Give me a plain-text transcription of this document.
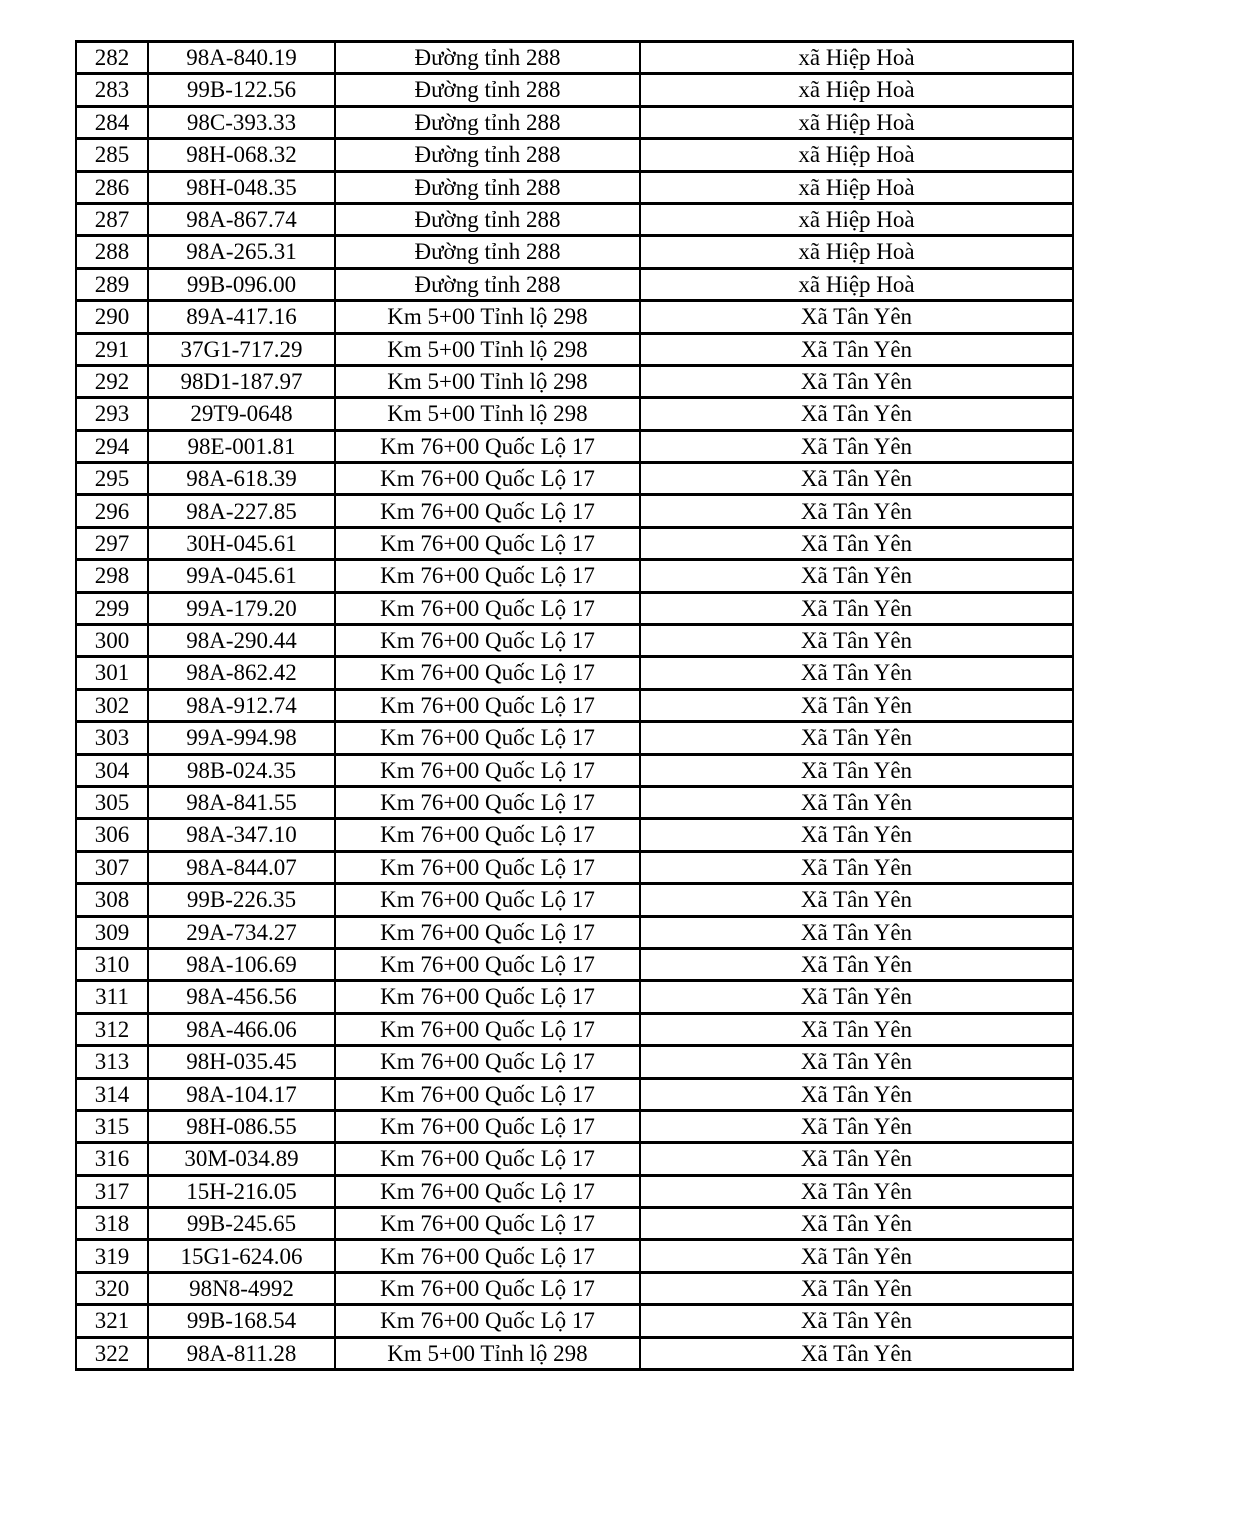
282	98A-840.19	Đường tỉnh 288	xã Hiệp Hoà
283	99B-122.56	Đường tỉnh 288	xã Hiệp Hoà
284	98C-393.33	Đường tỉnh 288	xã Hiệp Hoà
285	98H-068.32	Đường tỉnh 288	xã Hiệp Hoà
286	98H-048.35	Đường tỉnh 288	xã Hiệp Hoà
287	98A-867.74	Đường tỉnh 288	xã Hiệp Hoà
288	98A-265.31	Đường tỉnh 288	xã Hiệp Hoà
289	99B-096.00	Đường tỉnh 288	xã Hiệp Hoà
290	89A-417.16	Km 5+00 Tỉnh lộ 298	Xã Tân Yên
291	37G1-717.29	Km 5+00 Tỉnh lộ 298	Xã Tân Yên
292	98D1-187.97	Km 5+00 Tỉnh lộ 298	Xã Tân Yên
293	29T9-0648	Km 5+00 Tỉnh lộ 298	Xã Tân Yên
294	98E-001.81	Km 76+00 Quốc Lộ 17	Xã Tân Yên
295	98A-618.39	Km 76+00 Quốc Lộ 17	Xã Tân Yên
296	98A-227.85	Km 76+00 Quốc Lộ 17	Xã Tân Yên
297	30H-045.61	Km 76+00 Quốc Lộ 17	Xã Tân Yên
298	99A-045.61	Km 76+00 Quốc Lộ 17	Xã Tân Yên
299	99A-179.20	Km 76+00 Quốc Lộ 17	Xã Tân Yên
300	98A-290.44	Km 76+00 Quốc Lộ 17	Xã Tân Yên
301	98A-862.42	Km 76+00 Quốc Lộ 17	Xã Tân Yên
302	98A-912.74	Km 76+00 Quốc Lộ 17	Xã Tân Yên
303	99A-994.98	Km 76+00 Quốc Lộ 17	Xã Tân Yên
304	98B-024.35	Km 76+00 Quốc Lộ 17	Xã Tân Yên
305	98A-841.55	Km 76+00 Quốc Lộ 17	Xã Tân Yên
306	98A-347.10	Km 76+00 Quốc Lộ 17	Xã Tân Yên
307	98A-844.07	Km 76+00 Quốc Lộ 17	Xã Tân Yên
308	99B-226.35	Km 76+00 Quốc Lộ 17	Xã Tân Yên
309	29A-734.27	Km 76+00 Quốc Lộ 17	Xã Tân Yên
310	98A-106.69	Km 76+00 Quốc Lộ 17	Xã Tân Yên
311	98A-456.56	Km 76+00 Quốc Lộ 17	Xã Tân Yên
312	98A-466.06	Km 76+00 Quốc Lộ 17	Xã Tân Yên
313	98H-035.45	Km 76+00 Quốc Lộ 17	Xã Tân Yên
314	98A-104.17	Km 76+00 Quốc Lộ 17	Xã Tân Yên
315	98H-086.55	Km 76+00 Quốc Lộ 17	Xã Tân Yên
316	30M-034.89	Km 76+00 Quốc Lộ 17	Xã Tân Yên
317	15H-216.05	Km 76+00 Quốc Lộ 17	Xã Tân Yên
318	99B-245.65	Km 76+00 Quốc Lộ 17	Xã Tân Yên
319	15G1-624.06	Km 76+00 Quốc Lộ 17	Xã Tân Yên
320	98N8-4992	Km 76+00 Quốc Lộ 17	Xã Tân Yên
321	99B-168.54	Km 76+00 Quốc Lộ 17	Xã Tân Yên
322	98A-811.28	Km 5+00 Tỉnh lộ 298	Xã Tân Yên
